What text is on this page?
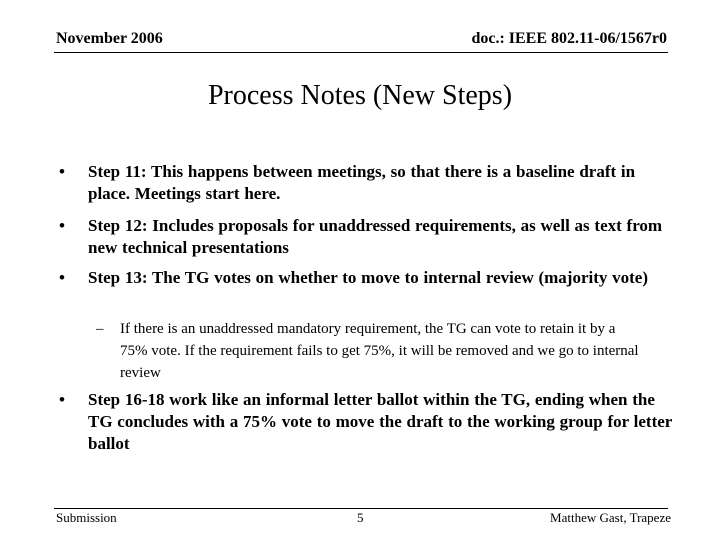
November 2006	doc.: IEEE 802.11-06/1567r0
Process Notes (New Steps)
• Step 11: This happens between meetings, so that there is a baseline draft in place. Meetings start here.
• Step 12: Includes proposals for unaddressed requirements, as well as text from new technical presentations
• Step 13: The TG votes on whether to move to internal review (majority vote)
– If there is an unaddressed mandatory requirement, the TG can vote to retain it by a 75% vote. If the requirement fails to get 75%, it will be removed and we go to internal review
• Step 16-18 work like an informal letter ballot within the TG, ending when the TG concludes with a 75% vote to move the draft to the working group for letter ballot
Submission	5	Matthew Gast, Trapeze
